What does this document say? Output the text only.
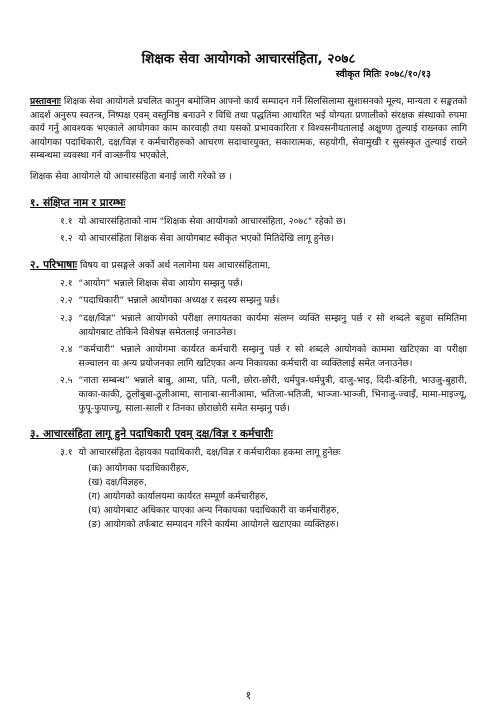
शिक्षक सेवा आयोगको आचारसंहिता, २०७८

स्वीकृत मितिः २०७८/१०/१३

प्रस्तावनाः शिक्षक सेवा आयोगले प्रचलित कानुन बमोजिम आफ्नो कार्य सम्पादन गर्ने सिलसिलामा सुशासनको मूल्य, मान्यता र सङ्कतको आदर्श अनुरुप स्वतन्त्र, निष्पक्ष एवम् वस्तुनिष्ठ बनाउने र विधि तथा पद्धतिमा आधारित भई योग्यता प्रणालीको संरक्षक संस्थाको रुपमा कार्य गर्नु आवश्यक भएकाले आयोगका काम कारवाही तथा यसको प्रभावकारिता र विश्वसनीयतालाई अक्षुण्ण तुल्याई राख्नका लागि आयोगका पदाधिकारी, दक्ष/विज्ञ र कर्मचारीहरुको आचरण सदाचारयुक्त, सकारात्मक, सहयोगी, सेवामुखी र सुसंस्कृत तुल्याई राख्ने सम्बन्धमा व्यवस्था गर्न वाञ्छनीय भएकोले,

शिक्षक सेवा आयोगले यो आचारसंहिता बनाई जारी गरेको छ ।

१. संक्षिप्त नाम र प्रारम्भः
१.१ यो आचारसंहिताको नाम "शिक्षक सेवा आयोगको आचारसंहिता, २०७८" रहेको छ।
१.२ यो आचारसंहिता शिक्षक सेवा आयोगबाट स्वीकृत भएको मितिदेखि लागू हुनेछ।
२. परिभाषाः विषय वा प्रसङ्गले अर्को अर्थ नलागेमा यस आचारसंहितामा,
२.१ “आयोग” भन्नाले शिक्षक सेवा आयोग सम्झनु पर्छ।
२.२ “पदाधिकारी” भन्नाले आयोगका अध्यक्ष र सदस्य सम्झनु पर्छ।
२.३ “दक्ष/विज्ञ” भन्नाले आयोगको परीक्षा लगायतका कार्यमा संलग्न व्यक्ति सम्झनु पर्छ र सो शब्दले बहुवा समितिमा आयोगबाट तोकिने विशेषज्ञ समेतलाई जनाउनेछ।
२.४ “कर्मचारी” भन्नाले आयोगमा कार्यरत कर्मचारी सम्झनु पर्छ र सो शब्दले आयोगको काममा खटिएका वा परीक्षा सञ्चालन वा अन्य प्रयोजनका लागि खटिएका अन्य निकायका कर्मचारी वा व्यक्तिलाई समेत जनाउनेछ।
२.५ “नाता सम्बन्ध” भन्नाले बाबु, आमा, पति, पत्नी, छोरा-छोरी, धर्मपुत्र-धर्मपुत्री, दाजु-भाइ, दिदी-बहिनी, भाउजु-बुहारी, काका-काकी, ठूलोबुबा-ठूलीआमा, सानाबा-सानीआमा, भतिजा-भतिजी, भाञ्जा-भाञ्जी, भिनाजु-ज्वाइँ, मामा-माइज्यू, फुपू-फुपाज्यू, साला-साली र तिनका छोराछोरी समेत सम्झनु पर्छ।
३. आचारसंहिता लागू हुने पदाधिकारी एवम् दक्ष/विज्ञ र कर्मचारीः
३.१ यो आचारसंहिता देहायका पदाधिकारी, दक्ष/विज्ञ र कर्मचारीका हकमा लागू हुनेछः
(क) आयोगका पदाधिकारीहरु,
(ख) दक्ष/विज्ञहरु,
(ग) आयोगको कार्यालयमा कार्यरत सम्पूर्ण कर्मचारीहरु,
(घ) आयोगबाट अधिकार पाएका अन्य निकायका पदाधिकारी वा कर्मचारीहरु,
(ङ) आयोगको तर्फबाट सम्पादन गरिने कार्यमा आयोगले खटाएका व्यक्तिहरु।
१
